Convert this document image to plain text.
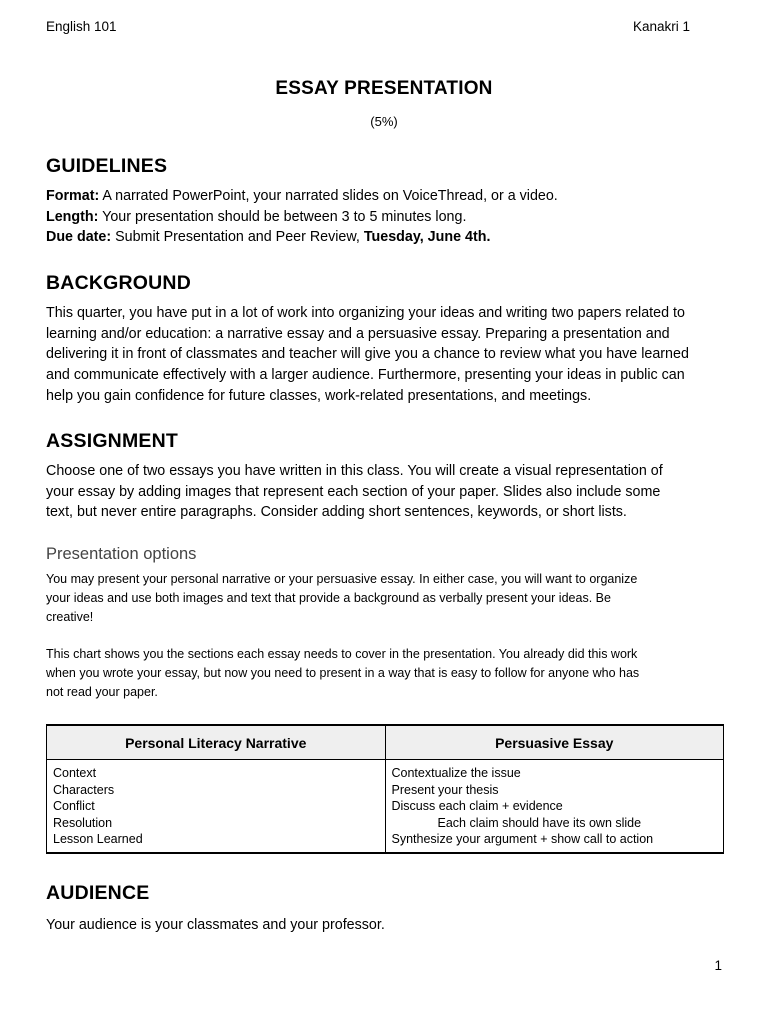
English 101	Kanakri 1
ESSAY PRESENTATION
(5%)
GUIDELINES

Format: A narrated PowerPoint, your narrated slides on VoiceThread, or a video.

Length: Your presentation should be between 3 to 5 minutes long.

Due date: Submit Presentation and Peer Review, Tuesday, June 4th.

BACKGROUND

This quarter, you have put in a lot of work into organizing your ideas and writing two papers related to

learning and/or education: a narrative essay and a persuasive essay. Preparing a presentation and

delivering it in front of classmates and teacher will give you a chance to review what you have learned

and communicate effectively with a larger audience. Furthermore, presenting your ideas in public can

help you gain confidence for future classes, work-related presentations, and meetings.

ASSIGNMENT

Choose one of two essays you have written in this class. You will create a visual representation of

your essay by adding images that represent each section of your paper. Slides also include some

text, but never entire paragraphs. Consider adding short sentences, keywords, or short lists.

Presentation options

You may present your personal narrative or your persuasive essay. In either case, you will want to organize

your ideas and use both images and text that provide a background as verbally present your ideas. Be

creative!

This chart shows you the sections each essay needs to cover in the presentation. You already did this work

when you wrote your essay, but now you need to present in a way that is easy to follow for anyone who has

not read your paper.

Personal Literacy Narrative	Persuasive Essay

Context
Characters
Conflict
Resolution
Lesson Learned	Contextualize the issue
Present your thesis
Discuss each claim + evidence
Each claim should have its own slide
Synthesize your argument + show call to action
AUDIENCE

Your audience is your classmates and your professor.

1
